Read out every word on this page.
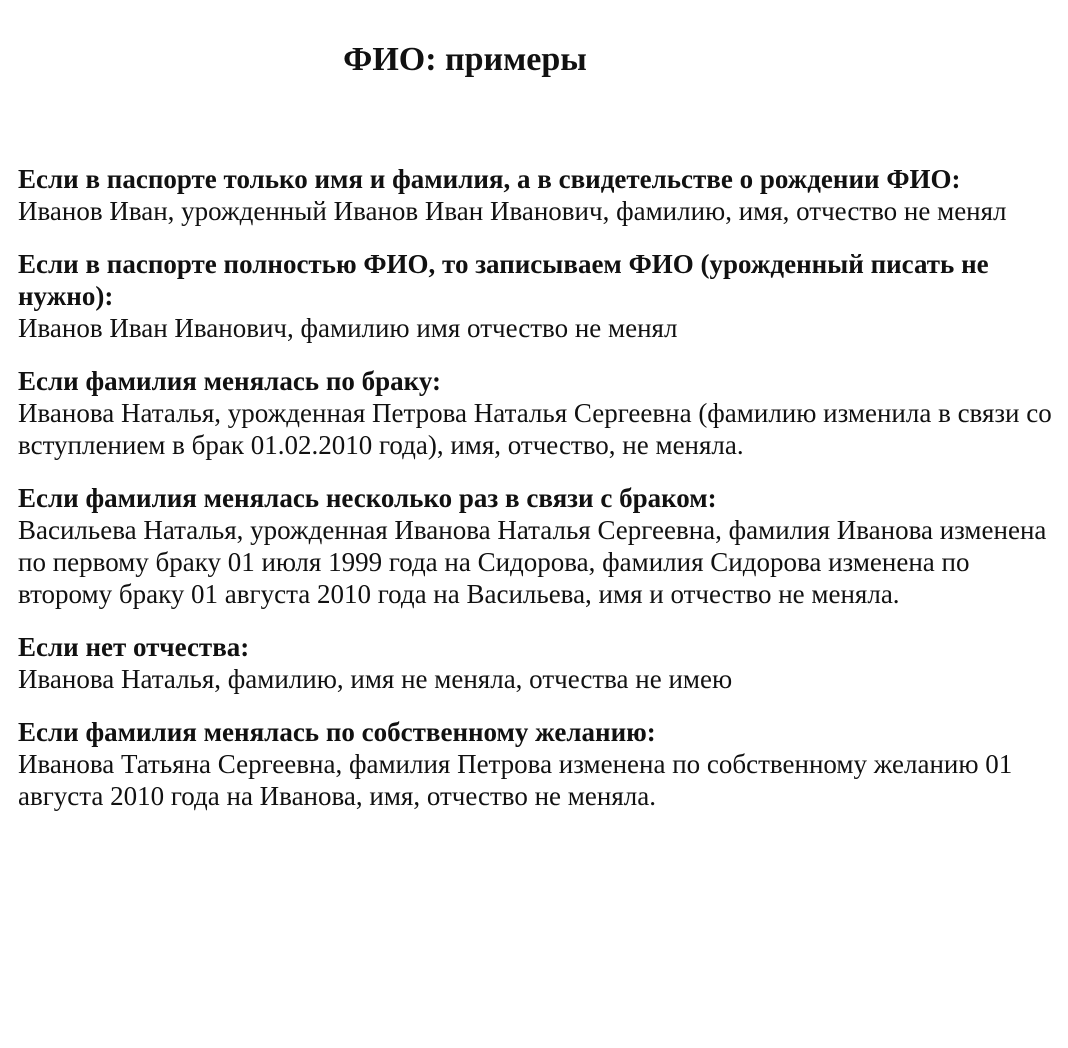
ФИО: примеры

Если в паспорте только имя и фамилия, а в свидетельстве о рождении ФИО:

Иванов Иван, урожденный Иванов Иван Иванович, фамилию, имя, отчество не менял

Если в паспорте полностью ФИО, то записываем ФИО (урожденный писать не нужно):

Иванов Иван Иванович, фамилию имя отчество не менял

Если фамилия менялась по браку:

Иванова Наталья, урожденная Петрова Наталья Сергеевна (фамилию изменила в связи со вступлением в брак 01.02.2010 года), имя, отчество, не меняла.

Если фамилия менялась несколько раз в связи с браком:

Васильева Наталья, урожденная Иванова Наталья Сергеевна, фамилия Иванова изменена по первому браку 01 июля 1999 года на Сидорова, фамилия Сидорова изменена по второму браку 01 августа 2010 года на Васильева, имя и отчество не меняла.

Если нет отчества:

Иванова Наталья, фамилию, имя не меняла, отчества не имею

Если фамилия менялась по собственному желанию:

Иванова Татьяна Сергеевна, фамилия Петрова изменена по собственному желанию 01 августа 2010 года на Иванова, имя, отчество не меняла.
